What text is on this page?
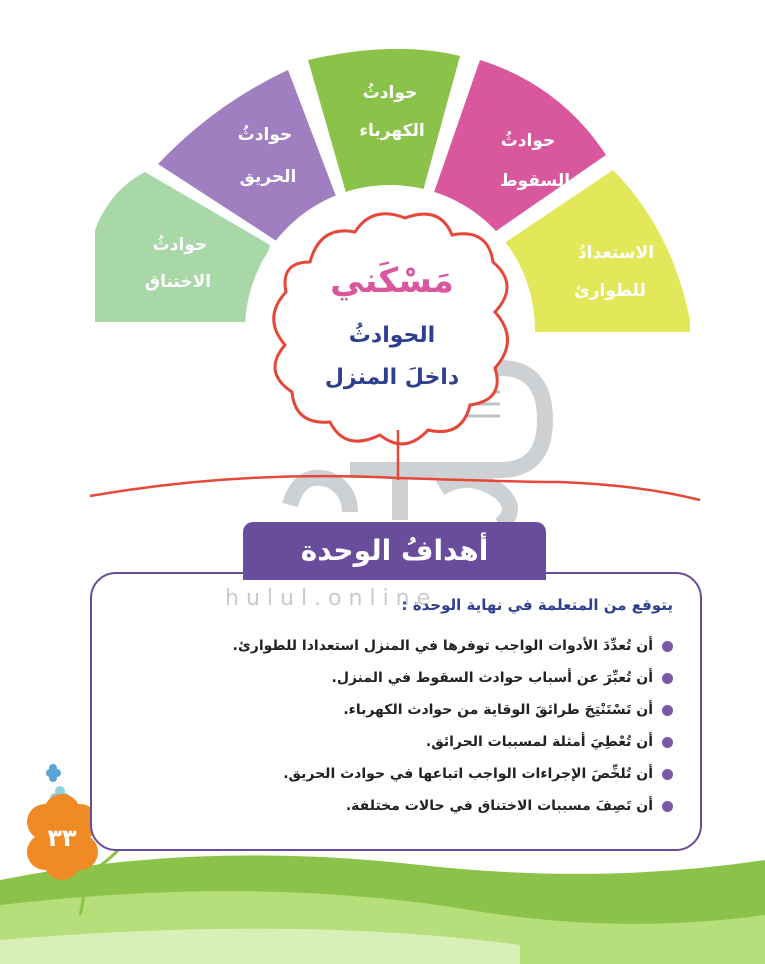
حوادثُ
الاختناق
حوادثُ
الحريق
حوادثُ
الكهرباء	حوادثُ
السقوط
الاستعدادُ
للطوارئ
مَسْكَني
الحوادثُ
داخلَ المنزل
٣٣
أهدافُ الوحدة
hulul.online
يتوقع من المتعلمة في نهاية الوحدة :
أن تُعدِّدَ الأدوات الواجب توفرها في المنزل استعدادا للطوارئ.
أن تُعبِّرَ عن أسباب حوادث السقوط في المنزل.
أن تَسْتَنْتِجَ طرائقَ الوقاية من حوادث الكهرباء.
أن تُعْطِيَ أمثلة لمسببات الحرائق.
أن تُلخِّصَ الإجراءات الواجب اتباعها في حوادث الحريق.
أن تَصِفَ مسببات الاختناق في حالات مختلفة.
